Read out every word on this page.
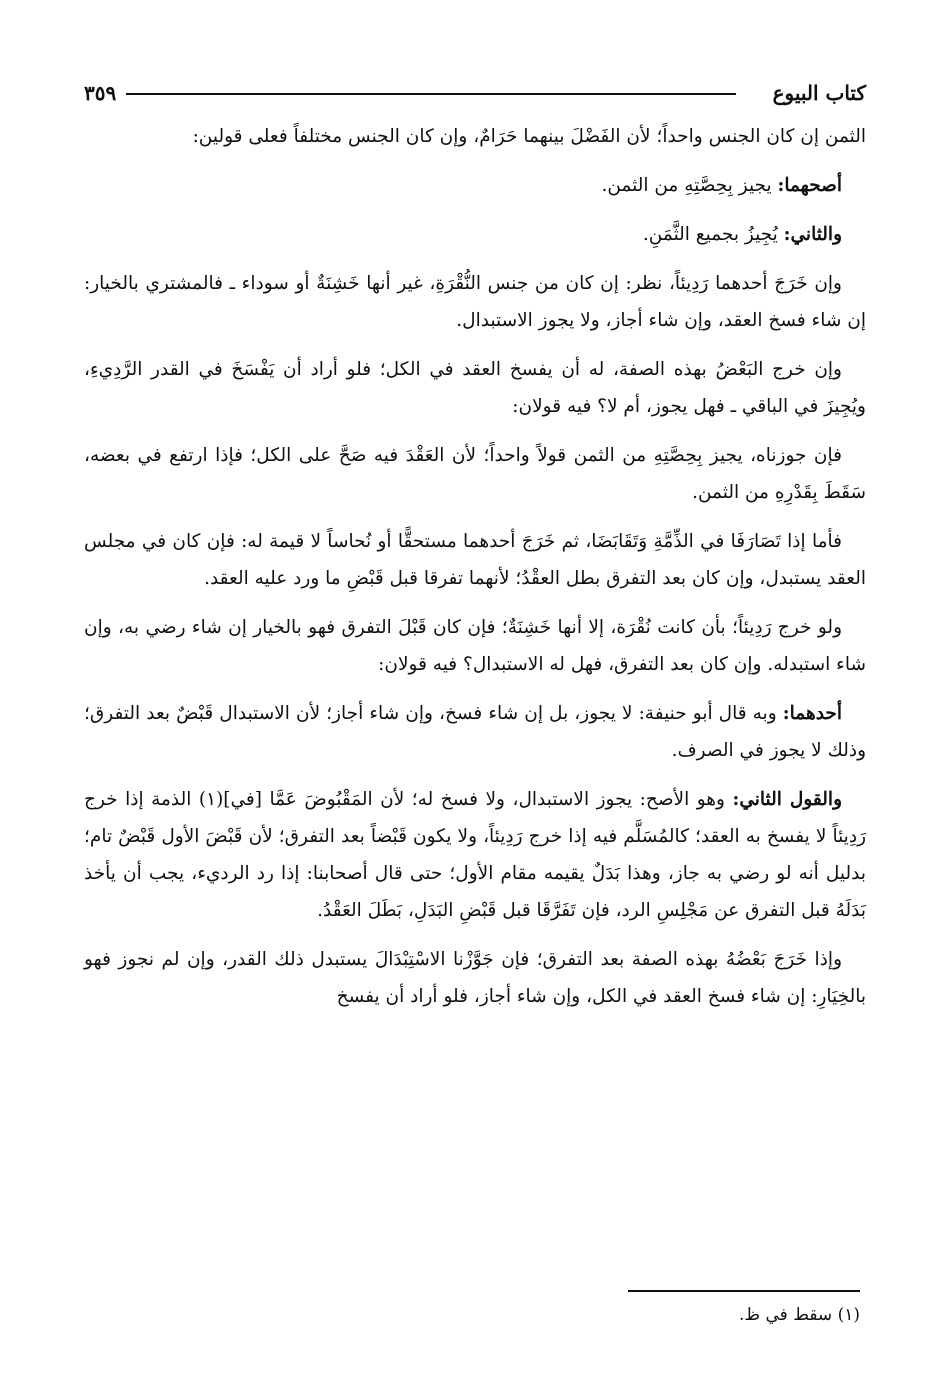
كتاب البيوع
٣٥٩

الثمن إن كان الجنس واحداً؛ لأن الفَضْلَ بينهما حَرَامٌ، وإن كان الجنس مختلفاً فعلى قولين:

أصحهما: يجيز بِحِصَّتِهِ من الثمن.

والثاني: يُجِيزُ بجميع الثَّمَنِ.

وإن خَرَجَ أحدهما رَدِيئاً، نظر: إن كان من جنس النُّقْرَةِ، غير أنها خَشِنَةٌ أو سوداء ـ فالمشتري بالخيار: إن شاء فسخ العقد، وإن شاء أجاز، ولا يجوز الاستبدال.

وإن خرج البَعْضُ بهذه الصفة، له أن يفسخ العقد في الكل؛ فلو أراد أن يَفْسَخَ في القدر الرَّدِيءِ، ويُجِيزَ في الباقي ـ فهل يجوز، أم لا؟ فيه قولان:

فإن جوزناه، يجيز بِحِصَّتِهِ من الثمن قولاً واحداً؛ لأن العَقْدَ فيه صَحَّ على الكل؛ فإذا ارتفع في بعضه، سَقَطَ بِقَدْرِهِ من الثمن.

فأما إذا تَصَارَفَا في الذِّمَّةِ وَتَقَابَضَا، ثم خَرَجَ أحدهما مستحقًّا أو نُحاساً لا قيمة له: فإن كان في مجلس العقد يستبدل، وإن كان بعد التفرق بطل العقْدُ؛ لأنهما تفرقا قبل قَبْضِ ما ورد عليه العقد.

ولو خرج رَدِيئاً؛ بأن كانت نُقْرَة، إلا أنها خَشِنَةٌ؛ فإن كان قَبْلَ التفرق فهو بالخيار إن شاء رضي به، وإن شاء استبدله. وإن كان بعد التفرق، فهل له الاستبدال؟ فيه قولان:

أحدهما: وبه قال أبو حنيفة: لا يجوز، بل إن شاء فسخ، وإن شاء أجاز؛ لأن الاستبدال قَبْضٌ بعد التفرق؛ وذلك لا يجوز في الصرف.

والقول الثاني: وهو الأصح: يجوز الاستبدال، ولا فسخ له؛ لأن المَقْبُوضَ عَمَّا [في](١) الذمة إذا خرج رَدِيئاً لا يفسخ به العقد؛ كالمُسَلَّم فيه إذا خرج رَدِيئاً، ولا يكون قَبْضاً بعد التفرق؛ لأن قَبْضَ الأول قَبْضٌ تام؛ بدليل أنه لو رضي به جاز، وهذا بَدَلٌ يقيمه مقام الأول؛ حتى قال أصحابنا: إذا رد الرديء، يجب أن يأخذ بَدَلَهُ قبل التفرق عن مَجْلِسِ الرد، فإن تَفَرَّقَا قبل قَبْضِ البَدَلِ، بَطَلَ العَقْدُ.

وإذا خَرَجَ بَعْضُهُ بهذه الصفة بعد التفرق؛ فإن جَوَّزْنا الاسْتِبْدَالَ يستبدل ذلك القدر، وإن لم نجوز فهو بالخِيَارِ: إن شاء فسخ العقد في الكل، وإن شاء أجاز، فلو أراد أن يفسخ

(١) سقط في ظ.
